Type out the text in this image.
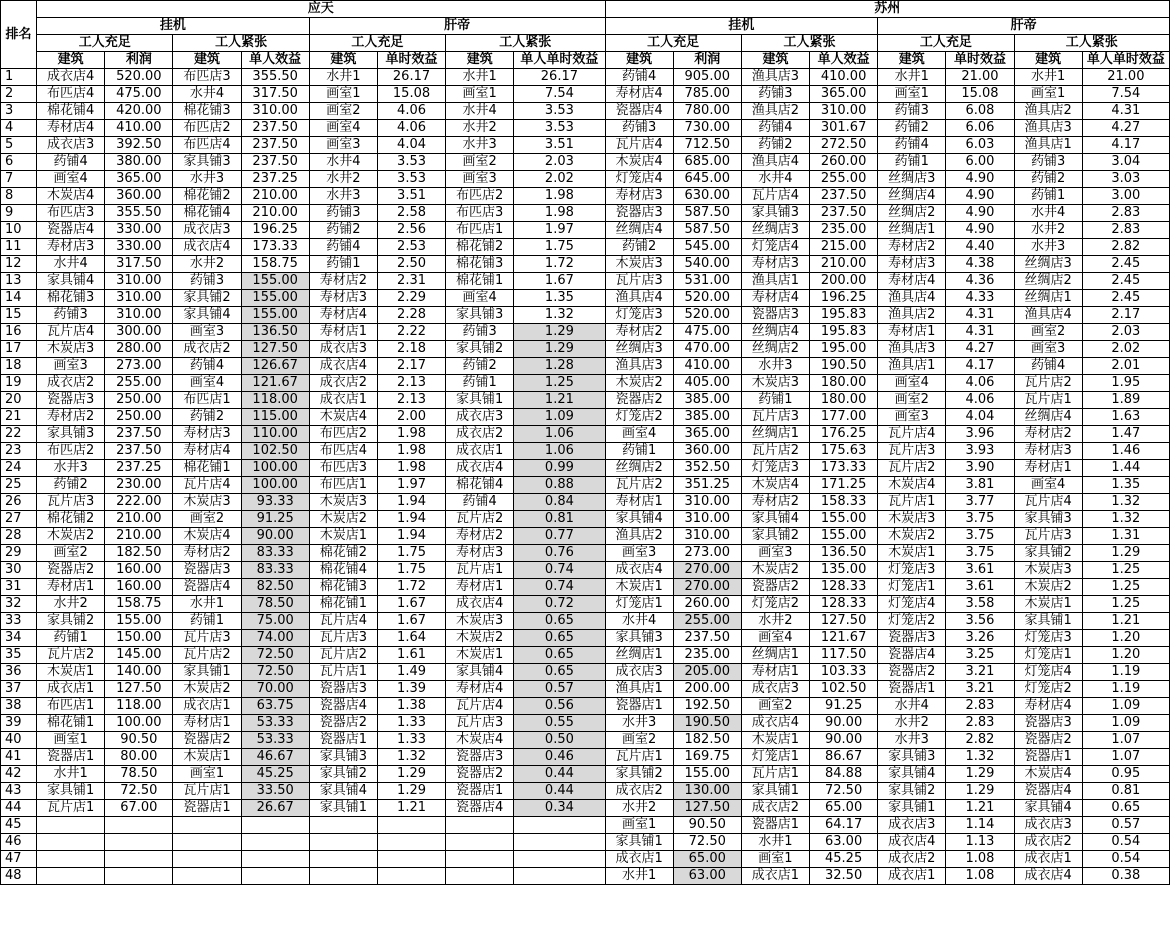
排名	应天								苏州							
	挂机				肝帝				挂机				肝帝			
	工人充足		工人紧张		工人充足		工人紧张		工人充足		工人紧张		工人充足		工人紧张	
	建筑	利润	建筑	单人效益	建筑	单时效益	建筑	单人单时效益	建筑	利润	建筑	单人效益	建筑	单时效益	建筑	单人单时效益
1	成衣店4	520.00	布匹店3	355.50	水井1	26.17	水井1	26.17	药铺4	905.00	渔具店3	410.00	水井1	21.00	水井1	21.00
2	布匹店4	475.00	水井4	317.50	画室1	15.08	画室1	7.54	寿材店4	785.00	药铺3	365.00	画室1	15.08	画室1	7.54
3	棉花铺4	420.00	棉花铺3	310.00	画室2	4.06	水井4	3.53	瓷器店4	780.00	渔具店2	310.00	药铺3	6.08	渔具店2	4.31
4	寿材店4	410.00	布匹店2	237.50	画室4	4.06	水井2	3.53	药铺3	730.00	药铺4	301.67	药铺2	6.06	渔具店3	4.27
5	成衣店3	392.50	布匹店4	237.50	画室3	4.04	水井3	3.51	瓦片店4	712.50	药铺2	272.50	药铺4	6.03	渔具店1	4.17
6	药铺4	380.00	家具铺3	237.50	水井4	3.53	画室2	2.03	木炭店4	685.00	渔具店4	260.00	药铺1	6.00	药铺3	3.04
7	画室4	365.00	水井3	237.25	水井2	3.53	画室3	2.02	灯笼店4	645.00	水井4	255.00	丝绸店3	4.90	药铺2	3.03
8	木炭店4	360.00	棉花铺2	210.00	水井3	3.51	布匹店2	1.98	寿材店3	630.00	瓦片店4	237.50	丝绸店4	4.90	药铺1	3.00
9	布匹店3	355.50	棉花铺4	210.00	药铺3	2.58	布匹店3	1.98	瓷器店3	587.50	家具铺3	237.50	丝绸店2	4.90	水井4	2.83
10	瓷器店4	330.00	成衣店3	196.25	药铺2	2.56	布匹店1	1.97	丝绸店4	587.50	丝绸店3	235.00	丝绸店1	4.90	水井2	2.83
11	寿材店3	330.00	成衣店4	173.33	药铺4	2.53	棉花铺2	1.75	药铺2	545.00	灯笼店4	215.00	寿材店2	4.40	水井3	2.82
12	水井4	317.50	水井2	158.75	药铺1	2.50	棉花铺3	1.72	木炭店3	540.00	寿材店3	210.00	寿材店3	4.38	丝绸店3	2.45
13	家具铺4	310.00	药铺3	155.00	寿材店2	2.31	棉花铺1	1.67	瓦片店3	531.00	渔具店1	200.00	寿材店4	4.36	丝绸店2	2.45
14	棉花铺3	310.00	家具铺2	155.00	寿材店3	2.29	画室4	1.35	渔具店4	520.00	寿材店4	196.25	渔具店4	4.33	丝绸店1	2.45
15	药铺3	310.00	家具铺4	155.00	寿材店4	2.28	家具铺3	1.32	灯笼店3	520.00	瓷器店3	195.83	渔具店2	4.31	渔具店4	2.17
16	瓦片店4	300.00	画室3	136.50	寿材店1	2.22	药铺3	1.29	寿材店2	475.00	丝绸店4	195.83	寿材店1	4.31	画室2	2.03
17	木炭店3	280.00	成衣店2	127.50	成衣店3	2.18	家具铺2	1.29	丝绸店3	470.00	丝绸店2	195.00	渔具店3	4.27	画室3	2.02
18	画室3	273.00	药铺4	126.67	成衣店4	2.17	药铺2	1.28	渔具店3	410.00	水井3	190.50	渔具店1	4.17	药铺4	2.01
19	成衣店2	255.00	画室4	121.67	成衣店2	2.13	药铺1	1.25	木炭店2	405.00	木炭店3	180.00	画室4	4.06	瓦片店2	1.95
20	瓷器店3	250.00	布匹店1	118.00	成衣店1	2.13	家具铺1	1.21	瓷器店2	385.00	药铺1	180.00	画室2	4.06	瓦片店1	1.89
21	寿材店2	250.00	药铺2	115.00	木炭店4	2.00	成衣店3	1.09	灯笼店2	385.00	瓦片店3	177.00	画室3	4.04	丝绸店4	1.63
22	家具铺3	237.50	寿材店3	110.00	布匹店2	1.98	成衣店2	1.06	画室4	365.00	丝绸店1	176.25	瓦片店4	3.96	寿材店2	1.47
23	布匹店2	237.50	寿材店4	102.50	布匹店4	1.98	成衣店1	1.06	药铺1	360.00	瓦片店2	175.63	瓦片店3	3.93	寿材店3	1.46
24	水井3	237.25	棉花铺1	100.00	布匹店3	1.98	成衣店4	0.99	丝绸店2	352.50	灯笼店3	173.33	瓦片店2	3.90	寿材店1	1.44
25	药铺2	230.00	瓦片店4	100.00	布匹店1	1.97	棉花铺4	0.88	瓦片店2	351.25	木炭店4	171.25	木炭店4	3.81	画室4	1.35
26	瓦片店3	222.00	木炭店3	93.33	木炭店3	1.94	药铺4	0.84	寿材店1	310.00	寿材店2	158.33	瓦片店1	3.77	瓦片店4	1.32
27	棉花铺2	210.00	画室2	91.25	木炭店2	1.94	瓦片店2	0.81	家具铺4	310.00	家具铺4	155.00	木炭店3	3.75	家具铺3	1.32
28	木炭店2	210.00	木炭店4	90.00	木炭店1	1.94	寿材店2	0.77	渔具店2	310.00	家具铺2	155.00	木炭店2	3.75	瓦片店3	1.31
29	画室2	182.50	寿材店2	83.33	棉花铺2	1.75	寿材店3	0.76	画室3	273.00	画室3	136.50	木炭店1	3.75	家具铺2	1.29
30	瓷器店2	160.00	瓷器店3	83.33	棉花铺4	1.75	瓦片店1	0.74	成衣店4	270.00	木炭店2	135.00	灯笼店3	3.61	木炭店3	1.25
31	寿材店1	160.00	瓷器店4	82.50	棉花铺3	1.72	寿材店1	0.74	木炭店1	270.00	瓷器店2	128.33	灯笼店1	3.61	木炭店2	1.25
32	水井2	158.75	水井1	78.50	棉花铺1	1.67	成衣店4	0.72	灯笼店1	260.00	灯笼店2	128.33	灯笼店4	3.58	木炭店1	1.25
33	家具铺2	155.00	药铺1	75.00	瓦片店4	1.67	木炭店3	0.65	水井4	255.00	水井2	127.50	灯笼店2	3.56	家具铺1	1.21
34	药铺1	150.00	瓦片店3	74.00	瓦片店3	1.64	木炭店2	0.65	家具铺3	237.50	画室4	121.67	瓷器店3	3.26	灯笼店3	1.20
35	瓦片店2	145.00	瓦片店2	72.50	瓦片店2	1.61	木炭店1	0.65	丝绸店1	235.00	丝绸店1	117.50	瓷器店4	3.25	灯笼店1	1.20
36	木炭店1	140.00	家具铺1	72.50	瓦片店1	1.49	家具铺4	0.65	成衣店3	205.00	寿材店1	103.33	瓷器店2	3.21	灯笼店4	1.19
37	成衣店1	127.50	木炭店2	70.00	瓷器店3	1.39	寿材店4	0.57	渔具店1	200.00	成衣店3	102.50	瓷器店1	3.21	灯笼店2	1.19
38	布匹店1	118.00	成衣店1	63.75	瓷器店4	1.38	瓦片店4	0.56	瓷器店1	192.50	画室2	91.25	水井4	2.83	寿材店4	1.09
39	棉花铺1	100.00	寿材店1	53.33	瓷器店2	1.33	瓦片店3	0.55	水井3	190.50	成衣店4	90.00	水井2	2.83	瓷器店3	1.09
40	画室1	90.50	瓷器店2	53.33	瓷器店1	1.33	木炭店4	0.50	画室2	182.50	木炭店1	90.00	水井3	2.82	瓷器店2	1.07
41	瓷器店1	80.00	木炭店1	46.67	家具铺3	1.32	瓷器店3	0.46	瓦片店1	169.75	灯笼店1	86.67	家具铺3	1.32	瓷器店1	1.07
42	水井1	78.50	画室1	45.25	家具铺2	1.29	瓷器店2	0.44	家具铺2	155.00	瓦片店1	84.88	家具铺4	1.29	木炭店4	0.95
43	家具铺1	72.50	瓦片店1	33.50	家具铺4	1.29	瓷器店1	0.44	成衣店2	130.00	家具铺1	72.50	家具铺2	1.29	瓷器店4	0.81
44	瓦片店1	67.00	瓷器店1	26.67	家具铺1	1.21	瓷器店4	0.34	水井2	127.50	成衣店2	65.00	家具铺1	1.21	家具铺4	0.65
45									画室1	90.50	瓷器店1	64.17	成衣店3	1.14	成衣店3	0.57
46									家具铺1	72.50	水井1	63.00	成衣店4	1.13	成衣店2	0.54
47									成衣店1	65.00	画室1	45.25	成衣店2	1.08	成衣店1	0.54
48									水井1	63.00	成衣店1	32.50	成衣店1	1.08	成衣店4	0.38
